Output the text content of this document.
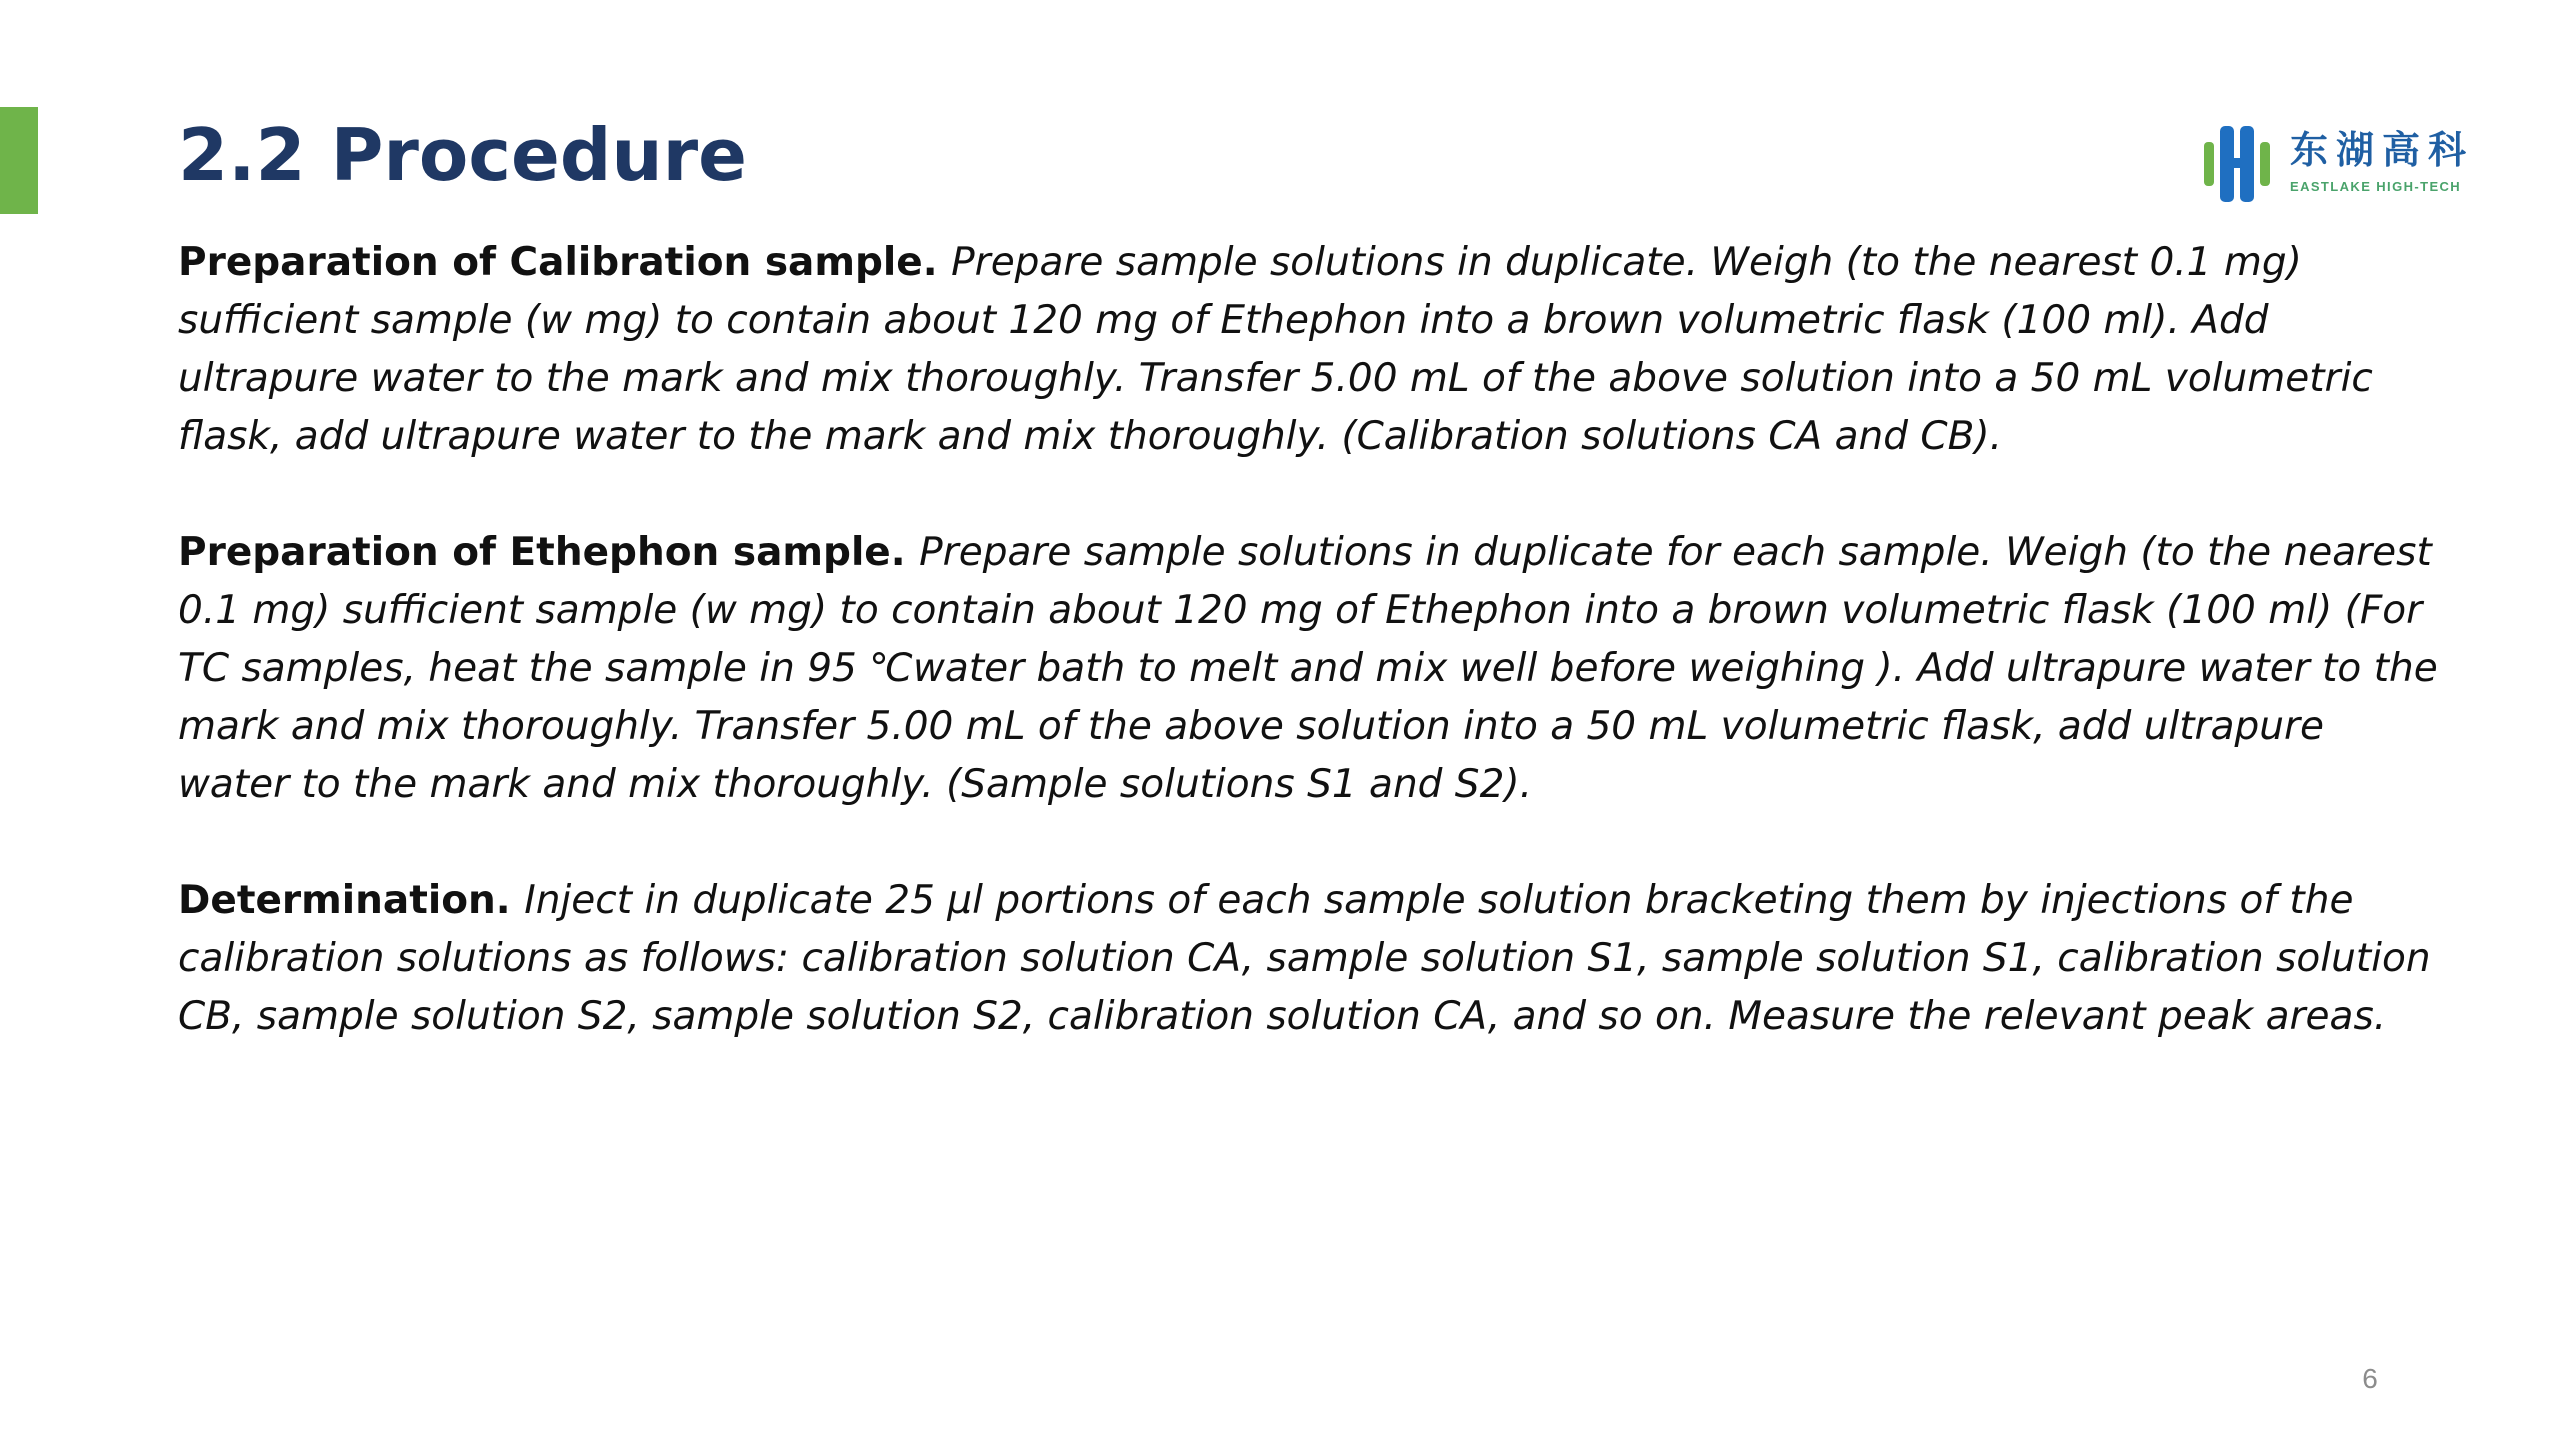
2.2 Procedure	东湖高科
EASTLAKE HIGH-TECH

Preparation of Calibration sample. Prepare sample solutions in duplicate. Weigh (to the nearest 0.1 mg) sufficient sample (w mg) to contain about 120 mg of Ethephon into a brown volumetric flask (100 ml). Add ultrapure water to the mark and mix thoroughly. Transfer 5.00 mL of the above solution into a 50 mL volumetric flask, add ultrapure water to the mark and mix thoroughly. (Calibration solutions CA and CB).

Preparation of Ethephon sample. Prepare sample solutions in duplicate for each sample. Weigh (to the nearest 0.1 mg) sufficient sample (w mg) to contain about 120 mg of Ethephon into a brown volumetric flask (100 ml) (For TC samples, heat the sample in 95 ℃water bath to melt and mix well before weighing ). Add ultrapure water to the mark and mix thoroughly. Transfer 5.00 mL of the above solution into a 50 mL volumetric flask, add ultrapure water to the mark and mix thoroughly. (Sample solutions S1 and S2).

Determination. Inject in duplicate 25 µl portions of each sample solution bracketing them by injections of the calibration solutions as follows: calibration solution CA, sample solution S1, sample solution S1, calibration solution CB, sample solution S2, sample solution S2, calibration solution CA, and so on. Measure the relevant peak areas.

6
